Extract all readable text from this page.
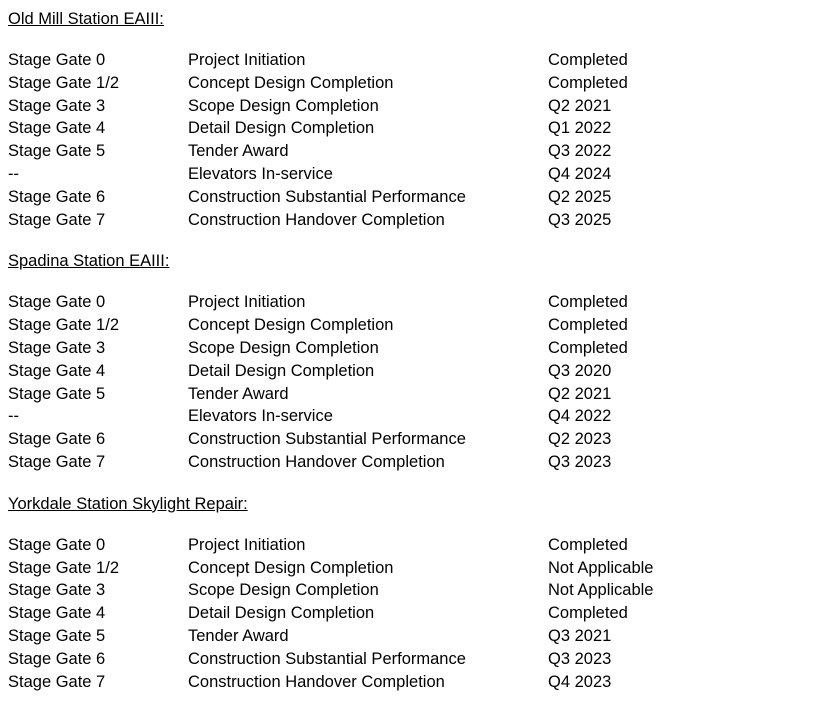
Old Mill Station EAIII:
Stage Gate 0	Project Initiation	Completed
Stage Gate 1/2	Concept Design Completion	Completed
Stage Gate 3	Scope Design Completion	Q2 2021
Stage Gate 4	Detail Design Completion	Q1 2022
Stage Gate 5	Tender Award	Q3 2022
--	Elevators In-service	Q4 2024
Stage Gate 6	Construction Substantial Performance	Q2 2025
Stage Gate 7	Construction Handover Completion	Q3 2025
Spadina Station EAIII:
Stage Gate 0	Project Initiation	Completed
Stage Gate 1/2	Concept Design Completion	Completed
Stage Gate 3	Scope Design Completion	Completed
Stage Gate 4	Detail Design Completion	Q3 2020
Stage Gate 5	Tender Award	Q2 2021
--	Elevators In-service	Q4 2022
Stage Gate 6	Construction Substantial Performance	Q2 2023
Stage Gate 7	Construction Handover Completion	Q3 2023
Yorkdale Station Skylight Repair:
Stage Gate 0	Project Initiation	Completed
Stage Gate 1/2	Concept Design Completion	Not Applicable
Stage Gate 3	Scope Design Completion	Not Applicable
Stage Gate 4	Detail Design Completion	Completed
Stage Gate 5	Tender Award	Q3 2021
Stage Gate 6	Construction Substantial Performance	Q3 2023
Stage Gate 7	Construction Handover Completion	Q4 2023
